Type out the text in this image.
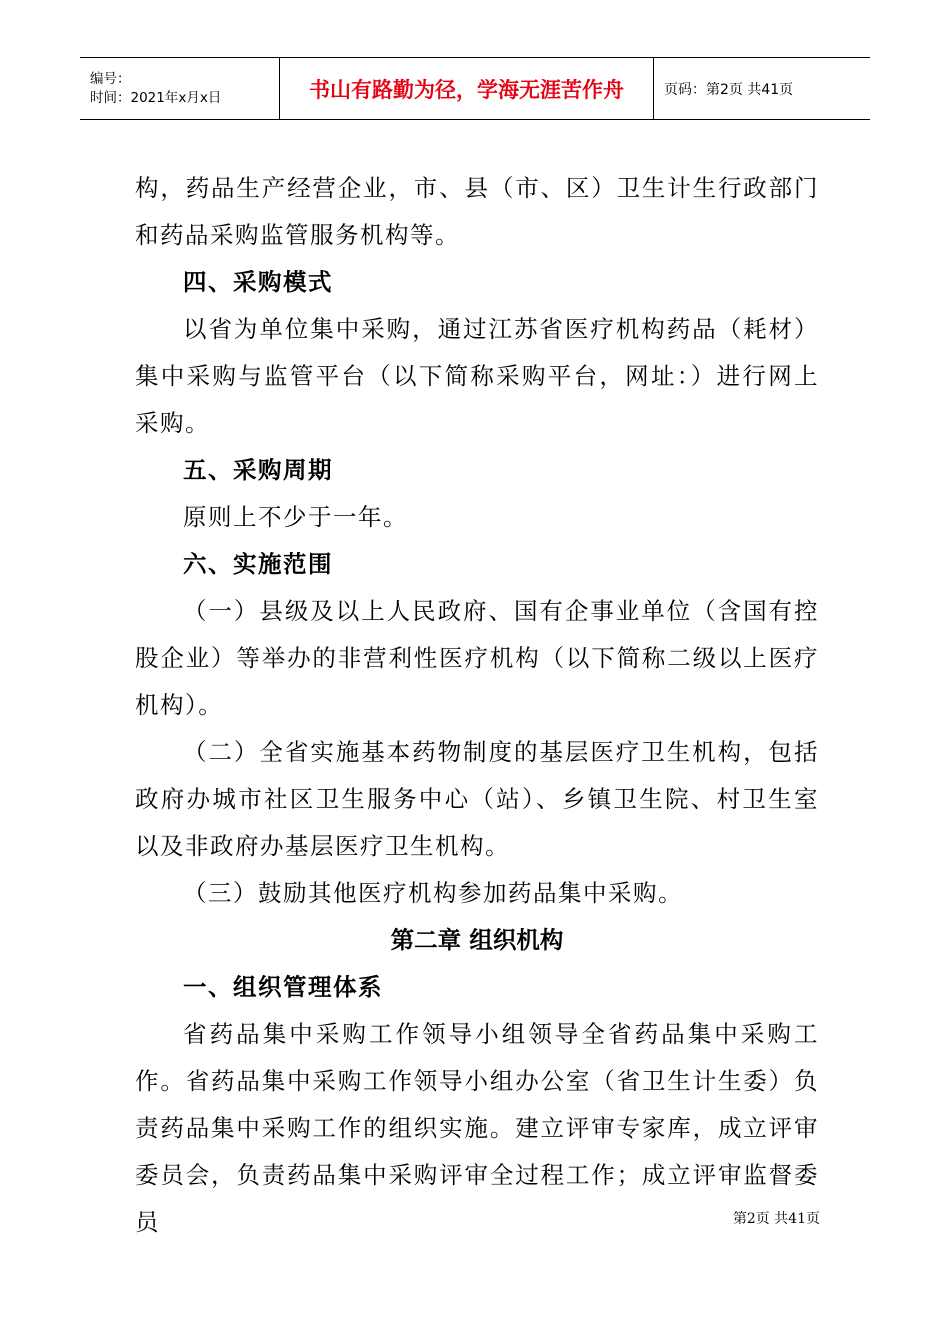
编号：
时间：2021年x月x日	书山有路勤为径，学海无涯苦作舟	页码：第2页 共41页

构，药品生产经营企业，市、县（市、区）卫生计生行政部门和药品采购监管服务机构等。

四、采购模式

以省为单位集中采购，通过江苏省医疗机构药品（耗材）集中采购与监管平台（以下简称采购平台，网址：）进行网上采购。

五、采购周期

原则上不少于一年。

六、实施范围

（一）县级及以上人民政府、国有企事业单位（含国有控股企业）等举办的非营利性医疗机构（以下简称二级以上医疗机构）。

（二）全省实施基本药物制度的基层医疗卫生机构，包括政府办城市社区卫生服务中心（站）、乡镇卫生院、村卫生室以及非政府办基层医疗卫生机构。

（三）鼓励其他医疗机构参加药品集中采购。

第二章 组织机构

一、组织管理体系

省药品集中采购工作领导小组领导全省药品集中采购工作。省药品集中采购工作领导小组办公室（省卫生计生委）负责药品集中采购工作的组织实施。建立评审专家库，成立评审委员会，负责药品集中采购评审全过程工作；成立评审监督委员	第2页 共41页
